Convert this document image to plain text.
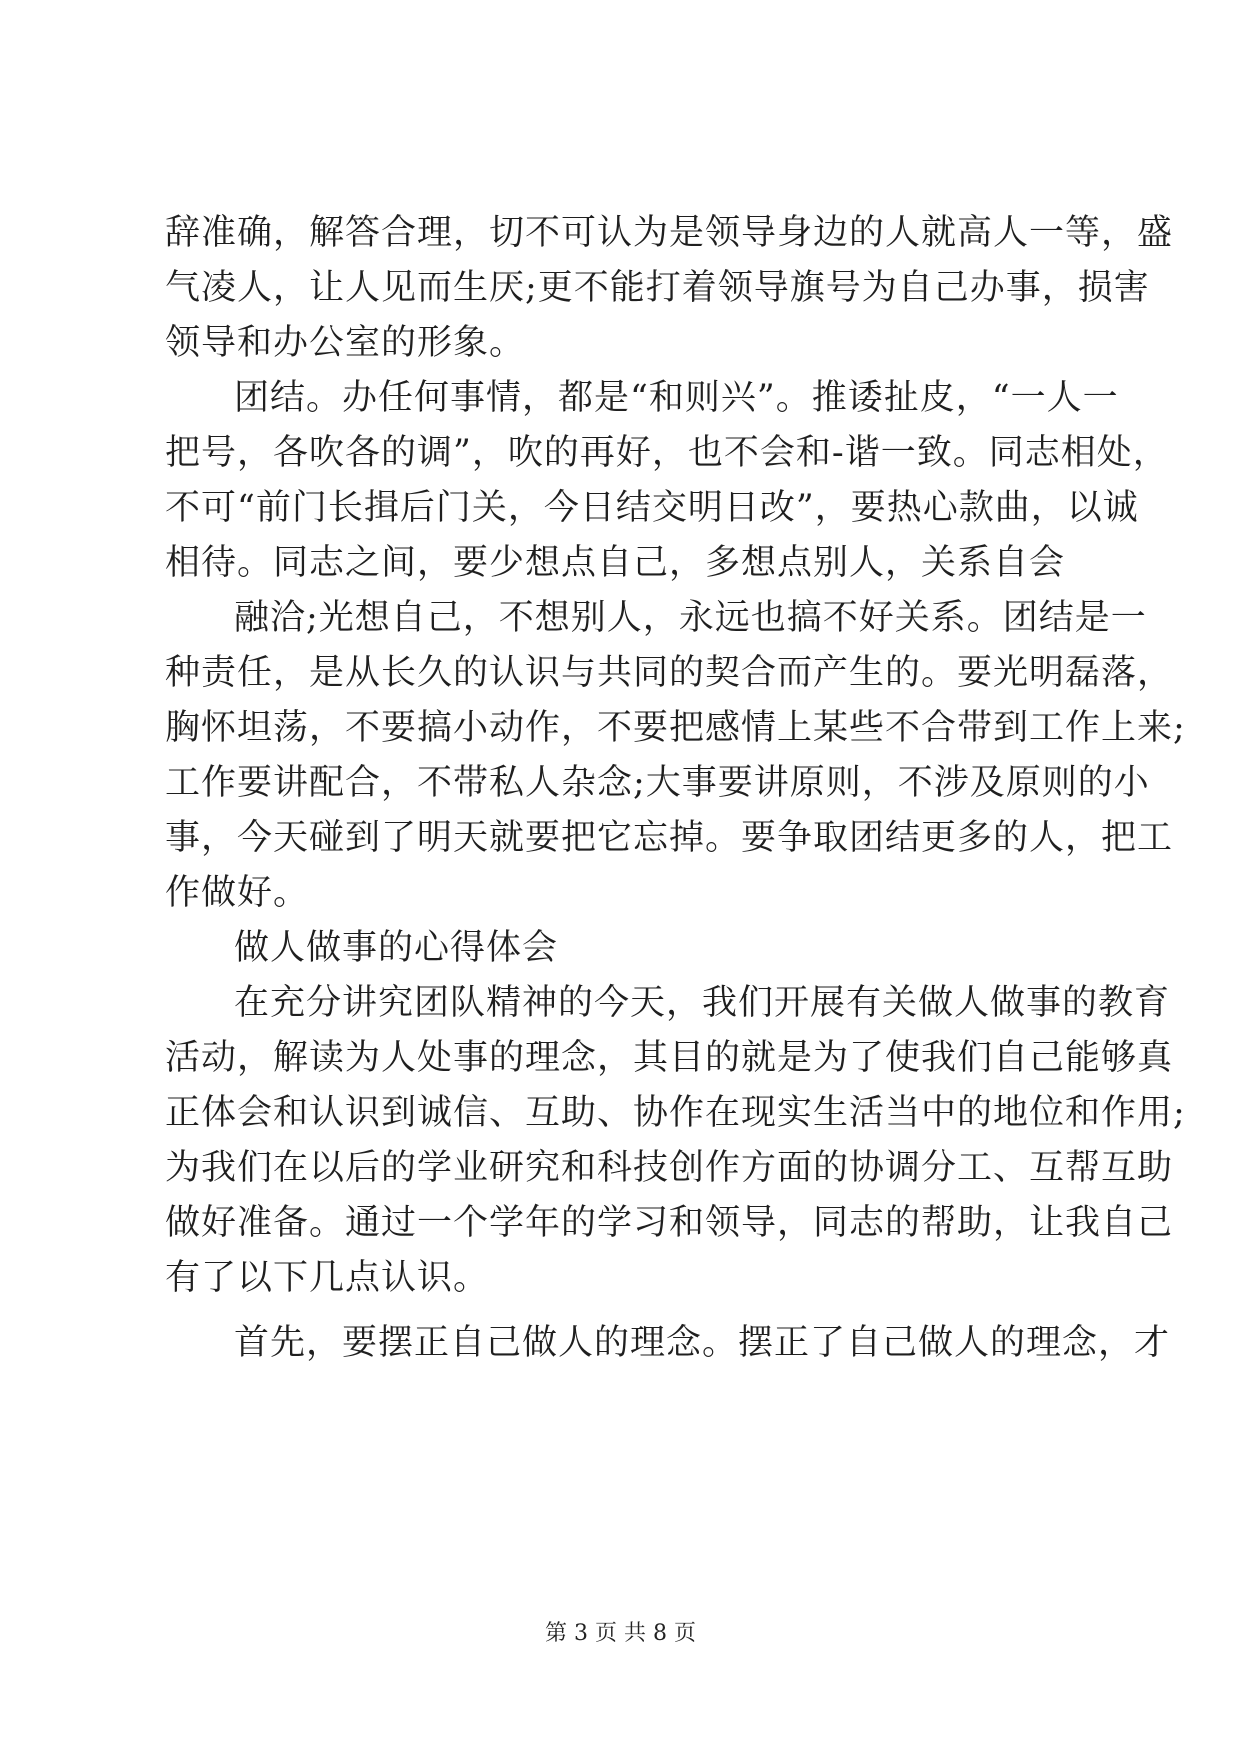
辞准确，解答合理，切不可认为是领导身边的人就高人一等，盛
气凌人，让人见而生厌;更不能打着领导旗号为自己办事，损害
领导和办公室的形象。
团结。办任何事情，都是“和则兴”。推诿扯皮，“一人一
把号，各吹各的调”，吹的再好，也不会和-谐一致。同志相处，
不可“前门长揖后门关，今日结交明日改”，要热心款曲，以诚
相待。同志之间，要少想点自己，多想点别人，关系自会
融洽;光想自己，不想别人，永远也搞不好关系。团结是一
种责任，是从长久的认识与共同的契合而产生的。要光明磊落，
胸怀坦荡，不要搞小动作，不要把感情上某些不合带到工作上来;
工作要讲配合，不带私人杂念;大事要讲原则，不涉及原则的小
事，今天碰到了明天就要把它忘掉。要争取团结更多的人，把工
作做好。
做人做事的心得体会
在充分讲究团队精神的今天，我们开展有关做人做事的教育
活动，解读为人处事的理念，其目的就是为了使我们自己能够真
正体会和认识到诚信、互助、协作在现实生活当中的地位和作用;
为我们在以后的学业研究和科技创作方面的协调分工、互帮互助
做好准备。通过一个学年的学习和领导，同志的帮助，让我自己
有了以下几点认识。
首先，要摆正自己做人的理念。摆正了自己做人的理念，才
第 3 页 共 8 页
